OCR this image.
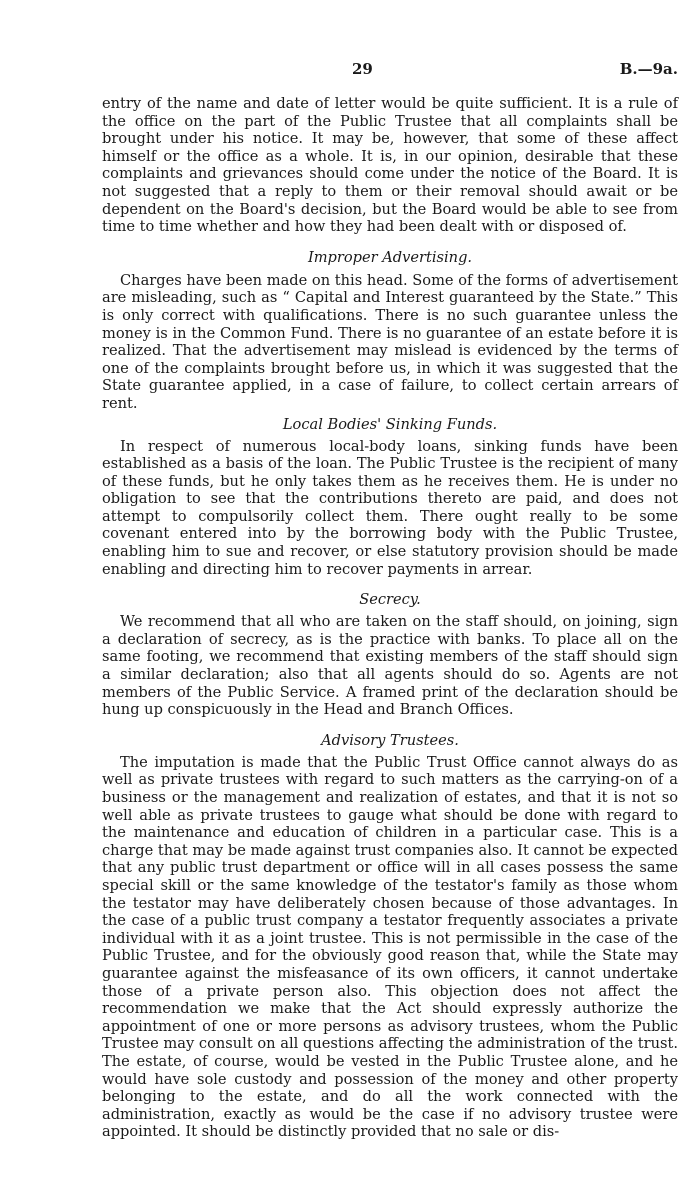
29	B.—9a.

entry of the name and date of letter would be quite sufficient. It is a rule of the office on the part of the Public Trustee that all complaints shall be brought under his notice. It may be, however, that some of these affect himself or the office as a whole. It is, in our opinion, desirable that these complaints and grievances should come under the notice of the Board. It is not suggested that a reply to them or their removal should await or be dependent on the Board's decision, but the Board would be able to see from time to time whether and how they had been dealt with or disposed of.

Improper Advertising.

Charges have been made on this head. Some of the forms of advertisement are misleading, such as “ Capital and Interest guaranteed by the State.” This is only correct with qualifications. There is no such guarantee unless the money is in the Common Fund. There is no guarantee of an estate before it is realized. That the advertisement may mislead is evidenced by the terms of one of the complaints brought before us, in which it was suggested that the State guarantee applied, in a case of failure, to collect certain arrears of rent.

Local Bodies' Sinking Funds.

In respect of numerous local-body loans, sinking funds have been established as a basis of the loan. The Public Trustee is the recipient of many of these funds, but he only takes them as he receives them. He is under no obligation to see that the contributions thereto are paid, and does not attempt to compulsorily collect them. There ought really to be some covenant entered into by the borrowing body with the Public Trustee, enabling him to sue and recover, or else statutory provision should be made enabling and directing him to recover payments in arrear.

Secrecy.

We recommend that all who are taken on the staff should, on joining, sign a declaration of secrecy, as is the practice with banks. To place all on the same footing, we recommend that existing members of the staff should sign a similar declaration; also that all agents should do so. Agents are not members of the Public Service. A framed print of the declaration should be hung up conspicuously in the Head and Branch Offices.

Advisory Trustees.

The imputation is made that the Public Trust Office cannot always do as well as private trustees with regard to such matters as the carrying-on of a business or the management and realization of estates, and that it is not so well able as private trustees to gauge what should be done with regard to the maintenance and education of children in a particular case. This is a charge that may be made against trust companies also. It cannot be expected that any public trust department or office will in all cases possess the same special skill or the same knowledge of the testator's family as those whom the testator may have deliberately chosen because of those advantages. In the case of a public trust company a testator frequently associates a private individual with it as a joint trustee. This is not permissible in the case of the Public Trustee, and for the obviously good reason that, while the State may guarantee against the misfeasance of its own officers, it cannot undertake those of a private person also. This objection does not affect the recommendation we make that the Act should expressly authorize the appointment of one or more persons as advisory trustees, whom the Public Trustee may consult on all questions affecting the administration of the trust. The estate, of course, would be vested in the Public Trustee alone, and he would have sole custody and possession of the money and other property belonging to the estate, and do all the work connected with the administration, exactly as would be the case if no advisory trustee were appointed. It should be distinctly provided that no sale or dis-
